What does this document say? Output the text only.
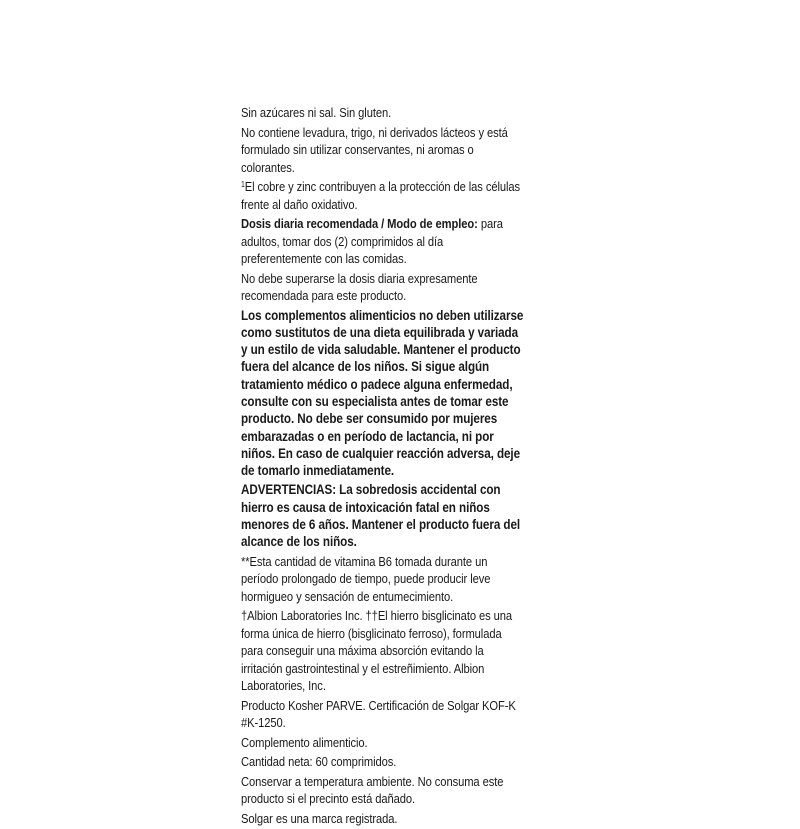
Sin azúcares ni sal. Sin gluten.

No contiene levadura, trigo, ni derivados lácteos y está formulado sin utilizar conservantes, ni aromas o colorantes.

$^1$El cobre y zinc contribuyen a la protección de las células frente al daño oxidativo.

Dosis diaria recomendada / Modo de empleo: para adultos, tomar dos (2) comprimidos al día preferentemente con las comidas.

No debe superarse la dosis diaria expresamente recomendada para este producto.

Los complementos alimenticios no deben utilizarse como sustitutos de una dieta equilibrada y variada y un estilo de vida saludable. Mantener el producto fuera del alcance de los niños. Si sigue algún tratamiento médico o padece alguna enfermedad, consulte con su especialista antes de tomar este producto. No debe ser consumido por mujeres embarazadas o en período de lactancia, ni por niños. En caso de cualquier reacción adversa, deje de tomarlo inmediatamente.

ADVERTENCIAS: La sobredosis accidental con hierro es causa de intoxicación fatal en niños menores de 6 años. Mantener el producto fuera del alcance de los niños.

**Esta cantidad de vitamina B6 tomada durante un período prolongado de tiempo, puede producir leve hormigueo y sensación de entumecimiento.

†Albion Laboratories Inc. ††El hierro bisglicinato es una forma única de hierro (bisglicinato ferroso), formulada para conseguir una máxima absorción evitando la irritación gastrointestinal y el estreñimiento. Albion Laboratories, Inc.

Producto Kosher PARVE. Certificación de Solgar KOF-K #K-1250.

Complemento alimenticio.

Cantidad neta: 60 comprimidos.

Conservar a temperatura ambiente. No consuma este producto si el precinto está dañado.

Solgar es una marca registrada.
